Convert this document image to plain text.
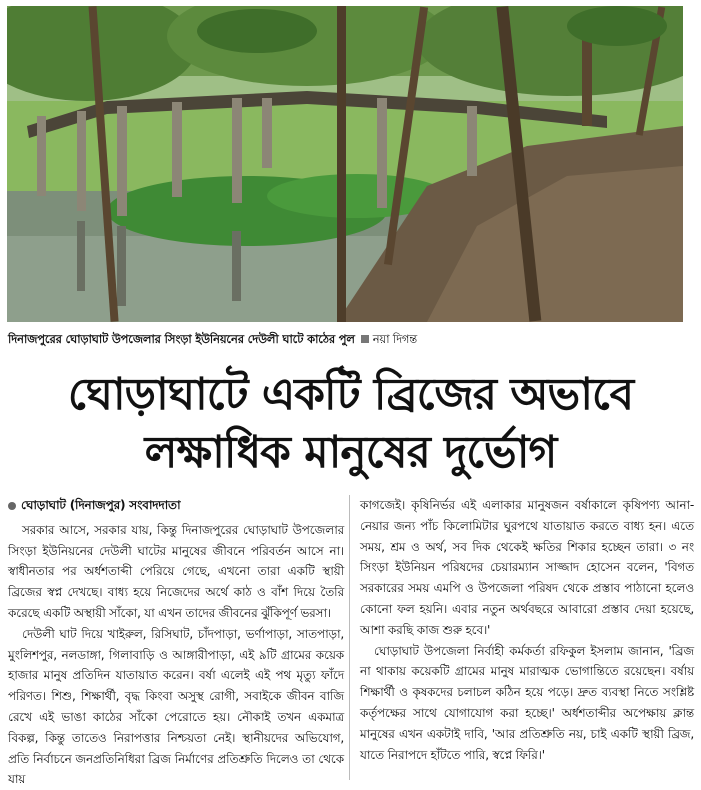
দিনাজপুরের ঘোড়াঘাট উপজেলার সিংড়া ইউনিয়নের দেউলী ঘাটে কাঠের পুল নয়া দিগন্ত
ঘোড়াঘাটে একটি ব্রিজের অভাবে
লক্ষাধিক মানুষের দুর্ভোগ
ঘোড়াঘাট (দিনাজপুর) সংবাদদাতা

সরকার আসে, সরকার যায়, কিন্তু দিনাজপুরের ঘোড়াঘাট উপজেলার সিংড়া ইউনিয়নের দেউলী ঘাটের মানুষের জীবনে পরিবর্তন আসে না। স্বাধীনতার পর অর্ধশতাব্দী পেরিয়ে গেছে, এখনো তারা একটি স্থায়ী ব্রিজের স্বপ্ন দেখছে। বাধ্য হয়ে নিজেদের অর্থে কাঠ ও বাঁশ দিয়ে তৈরি করেছে একটি অস্থায়ী সাঁকো, যা এখন তাদের জীবনের ঝুঁকিপূর্ণ ভরসা।

দেউলী ঘাট দিয়ে খাইরুল, রিসিঘাট, চাঁদপাড়া, ভর্ণাপাড়া, সাতপাড়া, মুংলিশপুর, নলডাঙ্গা, গিলাবাড়ি ও আঙ্গারীপাড়া, এই ৯টি গ্রামের কয়েক হাজার মানুষ প্রতিদিন যাতায়াত করেন। বর্ষা এলেই এই পথ মৃত্যু ফাঁদে পরিণত। শিশু, শিক্ষার্থী, বৃদ্ধ কিংবা অসুস্থ রোগী, সবাইকে জীবন বাজি রেখে এই ভাঙা কাঠের সাঁকো পেরোতে হয়। নৌকাই তখন একমাত্র বিকল্প, কিন্তু তাতেও নিরাপত্তার নিশ্চয়তা নেই। স্থানীয়দের অভিযোগ, প্রতি নির্বাচনে জনপ্রতিনিধিরা ব্রিজ নির্মাণের প্রতিশ্রুতি দিলেও তা থেকে যায়

কাগজেই। কৃষিনির্ভর এই এলাকার মানুষজন বর্ষাকালে কৃষিপণ্য আনা-নেয়ার জন্য পাঁচ কিলোমিটার ঘুরপথে যাতায়াত করতে বাধ্য হন। এতে সময়, শ্রম ও অর্থ, সব দিক থেকেই ক্ষতির শিকার হচ্ছেন তারা। ৩ নং সিংড়া ইউনিয়ন পরিষদের চেয়ারম্যান সাজ্জাদ হোসেন বলেন, 'বিগত সরকারের সময় এমপি ও উপজেলা পরিষদ থেকে প্রস্তাব পাঠানো হলেও কোনো ফল হয়নি। এবার নতুন অর্থবছরে আবারো প্রস্তাব দেয়া হয়েছে, আশা করছি কাজ শুরু হবে।'

ঘোড়াঘাট উপজেলা নির্বাহী কর্মকর্তা রফিকুল ইসলাম জানান, 'ব্রিজ না থাকায় কয়েকটি গ্রামের মানুষ মারাত্মক ভোগান্তিতে রয়েছেন। বর্ষায় শিক্ষার্থী ও কৃষকদের চলাচল কঠিন হয়ে পড়ে। দ্রুত ব্যবস্থা নিতে সংশ্লিষ্ট কর্তৃপক্ষের সাথে যোগাযোগ করা হচ্ছে।' অর্ধশতাব্দীর অপেক্ষায় ক্লান্ত মানুষের এখন একটাই দাবি, 'আর প্রতিশ্রুতি নয়, চাই একটি স্থায়ী ব্রিজ, যাতে নিরাপদে হাঁটতে পারি, স্বপ্নে ফিরি।'
